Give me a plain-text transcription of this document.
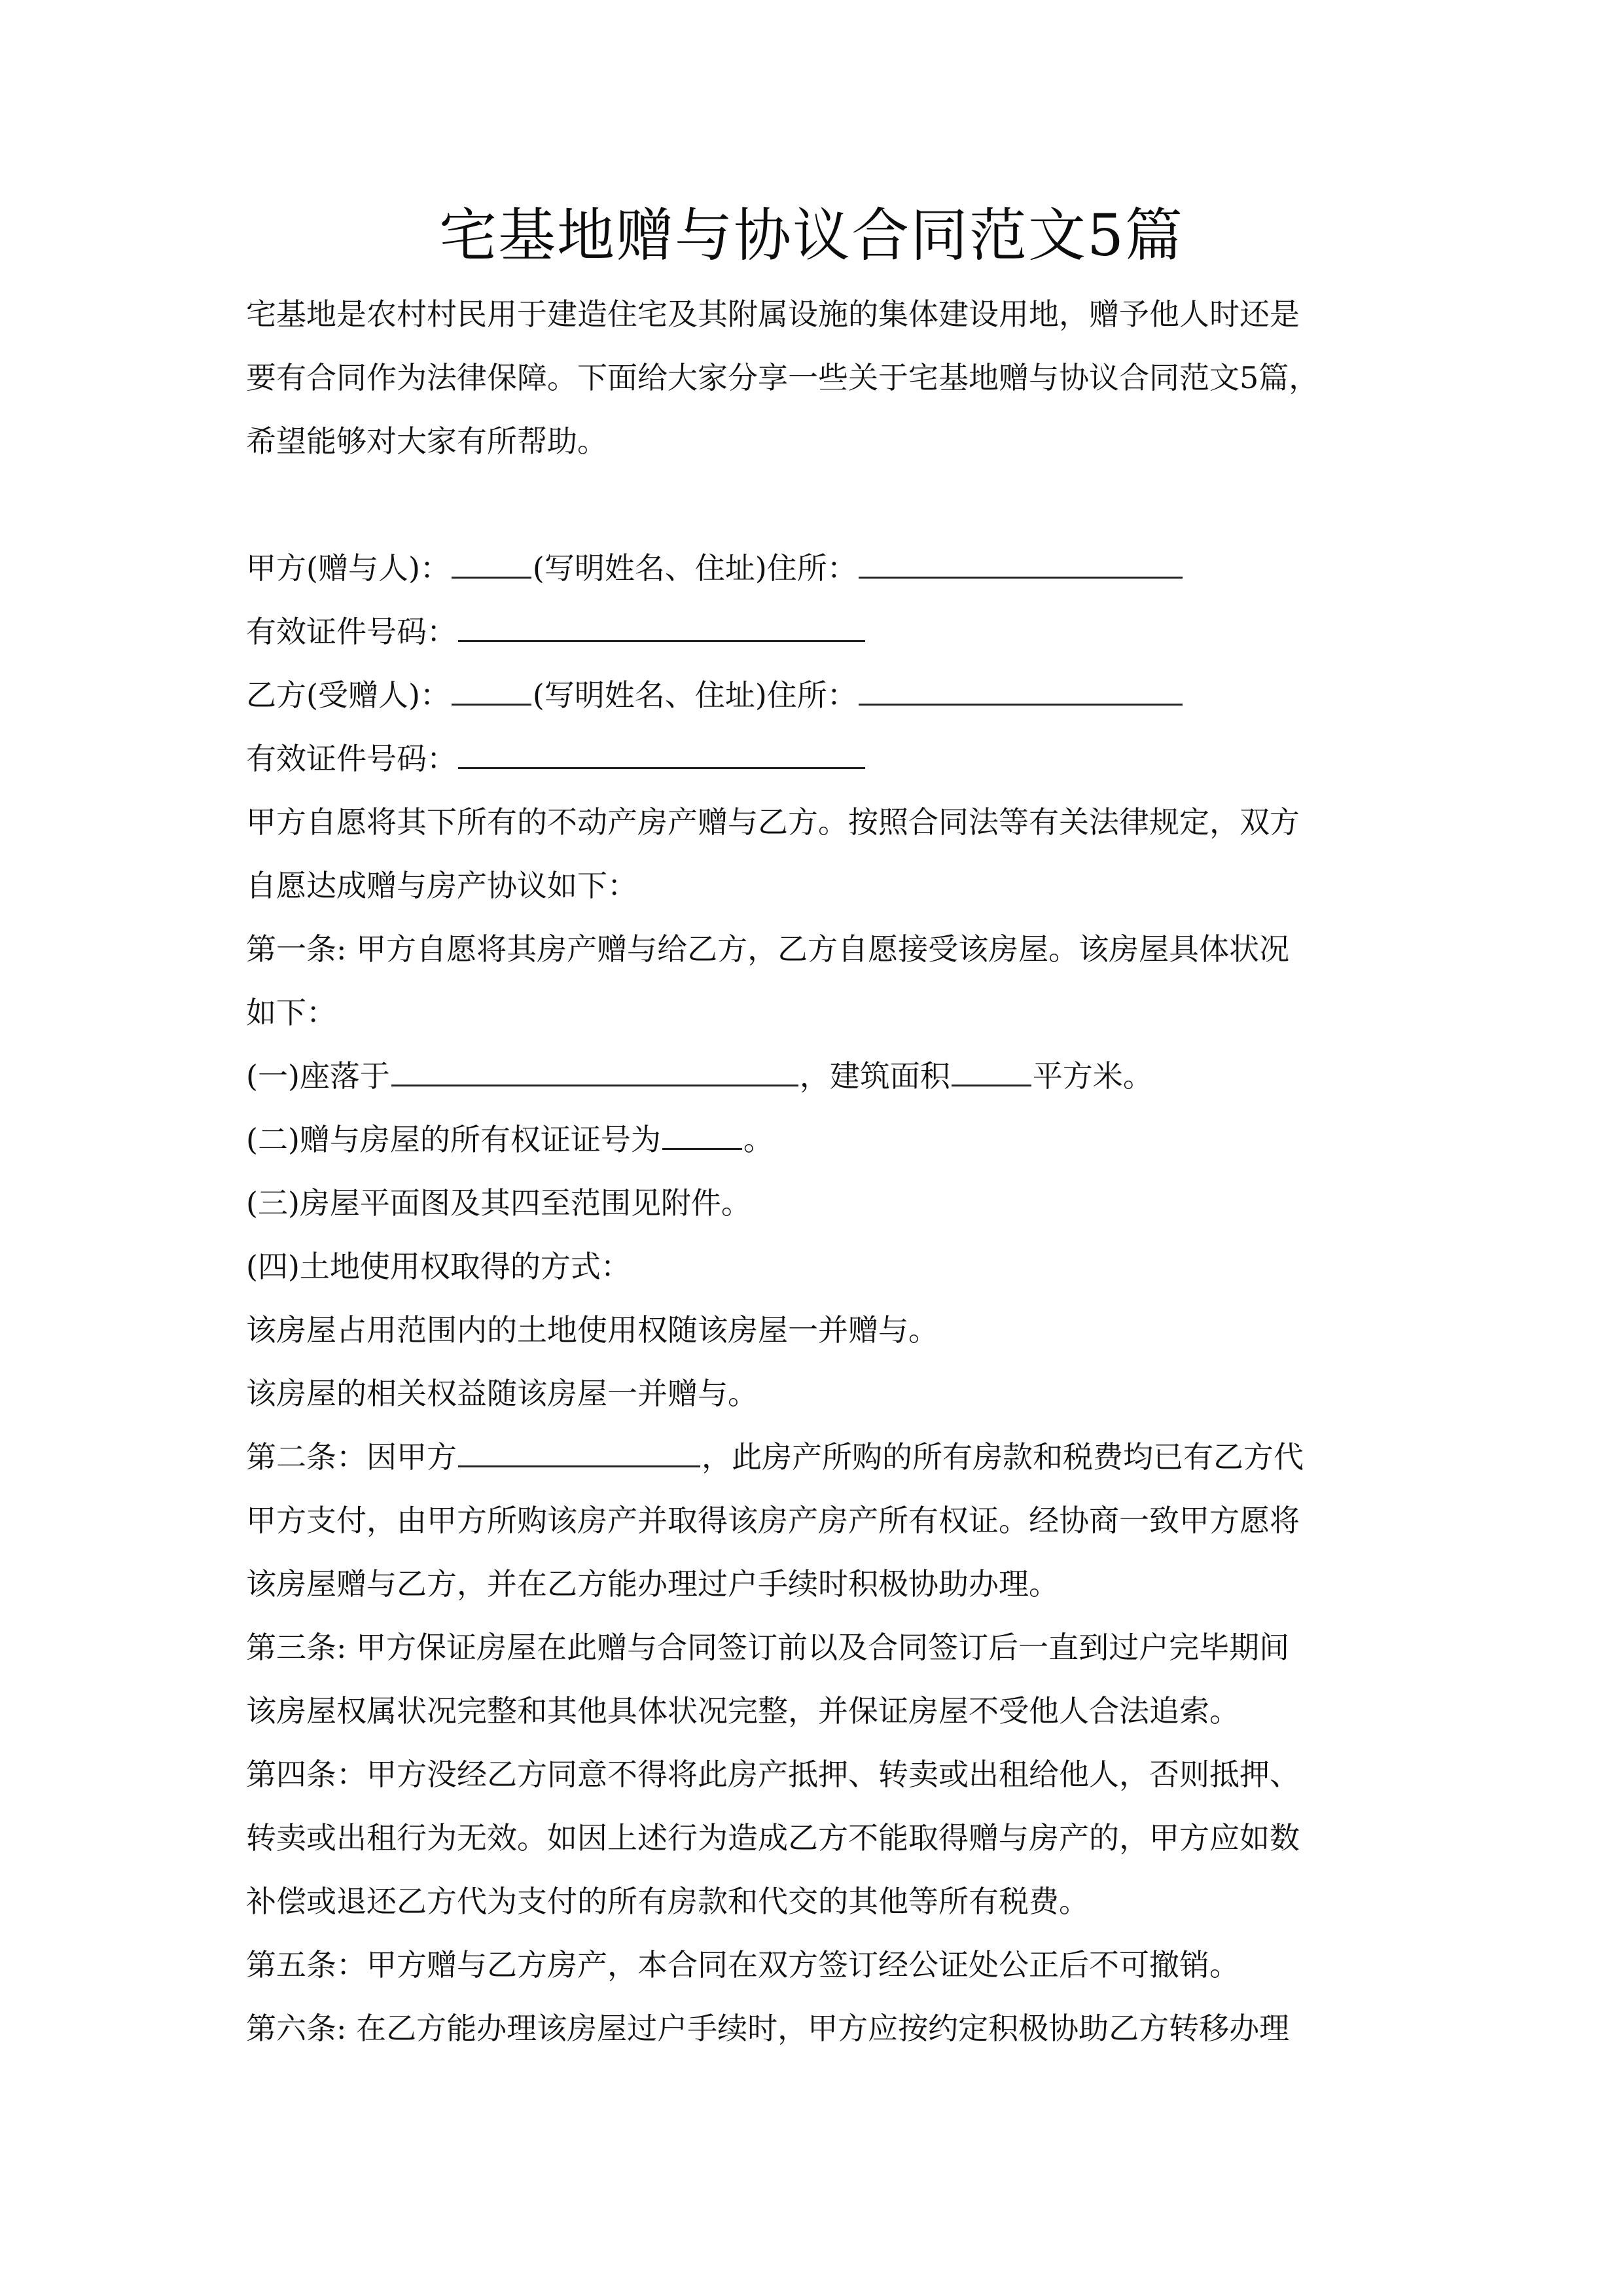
宅基地赠与协议合同范文5篇
宅基地是农村村民用于建造住宅及其附属设施的集体建设用地，赠予他人时还是
要有合同作为法律保障。下面给大家分享一些关于宅基地赠与协议合同范文5篇，
希望能够对大家有所帮助。
甲方(赠与人)：	(写明姓名、住址)住所：
有效证件号码：
乙方(受赠人)：	(写明姓名、住址)住所：
有效证件号码：
甲方自愿将其下所有的不动产房产赠与乙方。按照合同法等有关法律规定，双方
自愿达成赠与房产协议如下：
第一条: 甲方自愿将其房产赠与给乙方，乙方自愿接受该房屋。该房屋具体状况
如下：
(一)座落于	，建筑面积	平方米。
(二)赠与房屋的所有权证证号为	。
(三)房屋平面图及其四至范围见附件。
(四)土地使用权取得的方式：
该房屋占用范围内的土地使用权随该房屋一并赠与。
该房屋的相关权益随该房屋一并赠与。
第二条：因甲方	，此房产所购的所有房款和税费均已有乙方代
甲方支付，由甲方所购该房产并取得该房产房产所有权证。经协商一致甲方愿将
该房屋赠与乙方，并在乙方能办理过户手续时积极协助办理。
第三条: 甲方保证房屋在此赠与合同签订前以及合同签订后一直到过户完毕期间
该房屋权属状况完整和其他具体状况完整，并保证房屋不受他人合法追索。
第四条：甲方没经乙方同意不得将此房产抵押、转卖或出租给他人，否则抵押、
转卖或出租行为无效。如因上述行为造成乙方不能取得赠与房产的，甲方应如数
补偿或退还乙方代为支付的所有房款和代交的其他等所有税费。
第五条：甲方赠与乙方房产，本合同在双方签订经公证处公正后不可撤销。
第六条: 在乙方能办理该房屋过户手续时，甲方应按约定积极协助乙方转移办理
